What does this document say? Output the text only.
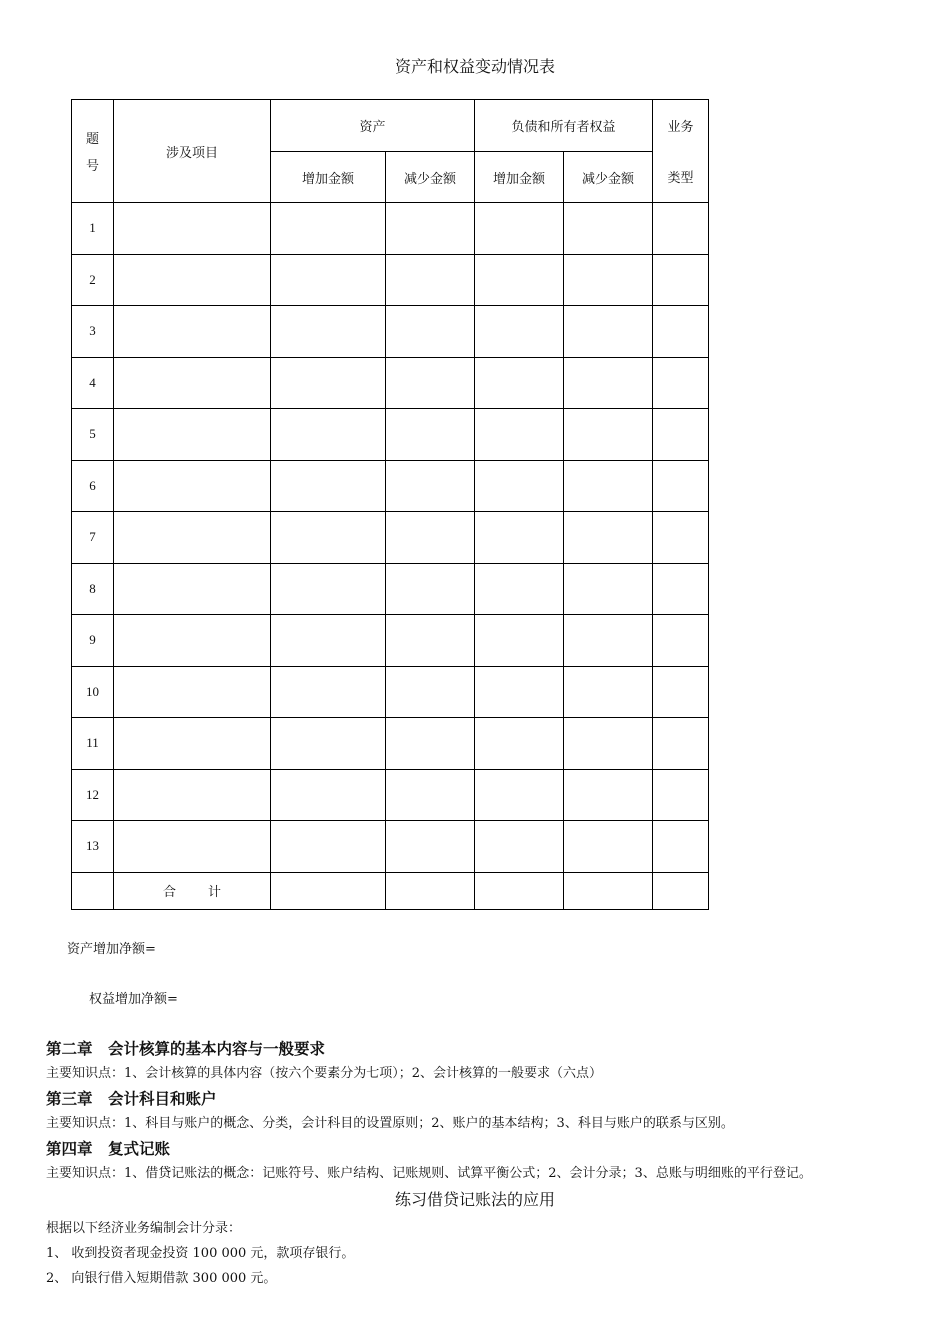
资产和权益变动情况表
题
号	涉及项目	资产		负债和所有者权益		业务
		增加金额	减少金额	增加金额	减少金额	类型
1						
2						
3						
4						
5						
6						
7						
8						
9						
10						
11						
12						
13						
	合 计					
资产增加净额=
权益增加净额=
第二章　会计核算的基本内容与一般要求
主要知识点：1、会计核算的具体内容（按六个要素分为七项）；2、会计核算的一般要求（六点）
第三章　会计科目和账户
主要知识点：1、科目与账户的概念、分类，会计科目的设置原则；2、账户的基本结构；3、科目与账户的联系与区别。
第四章　复式记账
主要知识点：1、借贷记账法的概念：记账符号、账户结构、记账规则、试算平衡公式；2、会计分录；3、总账与明细账的平行登记。
练习借贷记账法的应用
根据以下经济业务编制会计分录：
1、 收到投资者现金投资 100 000 元，款项存银行。
2、 向银行借入短期借款 300 000 元。
